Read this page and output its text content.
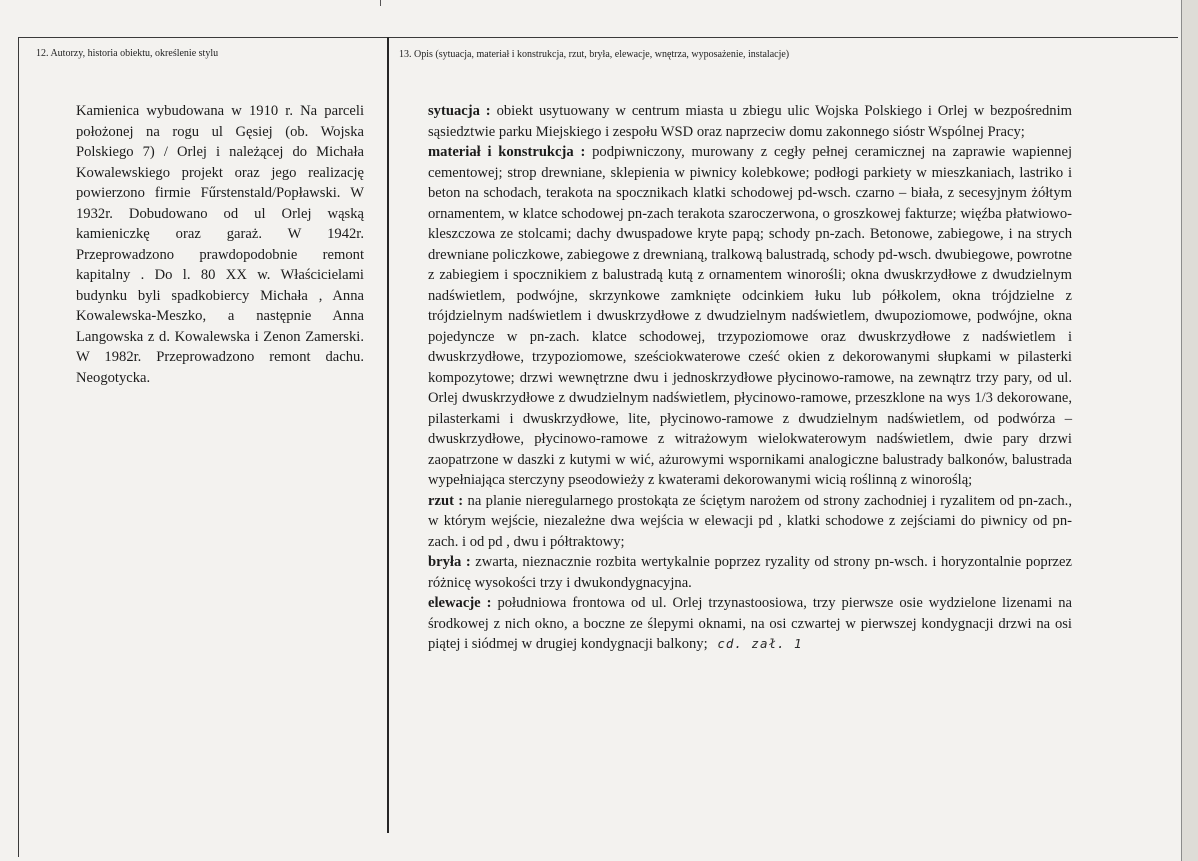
12. Autorzy, historia obiektu, określenie stylu	13. Opis (sytuacja, materiał i konstrukcja, rzut, bryła, elewacje, wnętrza, wyposażenie, instalacje)
Kamienica wybudowana w 1910 r. Na parceli położonej na rogu ul Gęsiej (ob. Wojska Polskiego 7) / Orlej i należącej do Michała Kowalewskiego projekt oraz jego realizację powierzono firmie Fűrstenstald/Popławski. W 1932r. Dobudowano od ul Orlej wąską kamieniczkę oraz garaż. W 1942r. Przeprowadzono prawdopodobnie remont kapitalny . Do l. 80 XX w. Właścicielami budynku byli spadkobiercy Michała , Anna Kowalewska-Meszko, a następnie Anna Langowska z d. Kowalewska i Zenon Zamerski. W 1982r. Przeprowadzono remont dachu. Neogotycka.

sytuacja : obiekt usytuowany w centrum miasta u zbiegu ulic Wojska Polskiego i Orlej w bezpośrednim sąsiedztwie parku Miejskiego i zespołu WSD oraz naprzeciw domu zakonnego sióstr Wspólnej Pracy;

materiał i konstrukcja : podpiwniczony, murowany z cegły pełnej ceramicznej na zaprawie wapiennej cementowej; strop drewniane, sklepienia w piwnicy kolebkowe; podłogi parkiety w mieszkaniach, lastriko i beton na schodach, terakota na spocznikach klatki schodowej pd-wsch. czarno – biała, z secesyjnym żółtym ornamentem, w klatce schodowej pn-zach terakota szaroczerwona, o groszkowej fakturze; więźba płatwiowo-kleszczowa ze stolcami; dachy dwuspadowe kryte papą; schody pn-zach. Betonowe, zabiegowe, i na strych drewniane policzkowe, zabiegowe z drewnianą, tralkową balustradą, schody pd-wsch. dwubiegowe, powrotne z zabiegiem i spocznikiem z balustradą kutą z ornamentem winorośli; okna dwuskrzydłowe z dwudzielnym nadświetlem, podwójne, skrzynkowe zamknięte odcinkiem łuku lub półkolem, okna trójdzielne z trójdzielnym nadświetlem i dwuskrzydłowe z dwudzielnym nadświetlem, dwupoziomowe, podwójne, okna pojedyncze w pn-zach. klatce schodowej, trzypoziomowe oraz dwuskrzydłowe z nadświetlem i dwuskrzydłowe, trzypoziomowe, sześciokwaterowe cześć okien z dekorowanymi słupkami w pilasterki kompozytowe; drzwi wewnętrzne dwu i jednoskrzydłowe płycinowo-ramowe, na zewnątrz trzy pary, od ul. Orlej dwuskrzydłowe z dwudzielnym nadświetlem, płycinowo-ramowe, przeszklone na wys 1/3 dekorowane, pilasterkami i dwuskrzydłowe, lite, płycinowo-ramowe z dwudzielnym nadświetlem, od podwórza – dwuskrzydłowe, płycinowo-ramowe z witrażowym wielokwaterowym nadświetlem, dwie pary drzwi zaopatrzone w daszki z kutymi w wić, ażurowymi wspornikami analogiczne balustrady balkonów, balustrada wypełniająca sterczyny pseodowieży z kwaterami dekorowanymi wicią roślinną z winoroślą;

rzut : na planie nieregularnego prostokąta ze ściętym narożem od strony zachodniej i ryzalitem od pn-zach., w którym wejście, niezależne dwa wejścia w elewacji pd , klatki schodowe z zejściami do piwnicy od pn-zach. i od pd , dwu i półtraktowy;

bryła : zwarta, nieznacznie rozbita wertykalnie poprzez ryzality od strony pn-wsch. i horyzontalnie poprzez różnicę wysokości trzy i dwukondygnacyjna.

elewacje : południowa frontowa od ul. Orlej trzynastoosiowa, trzy pierwsze osie wydzielone lizenami na środkowej z nich okno, a boczne ze ślepymi oknami, na osi czwartej w pierwszej kondygnacji drzwi na osi piątej i siódmej w drugiej kondygnacji balkony; cd. zał. 1
